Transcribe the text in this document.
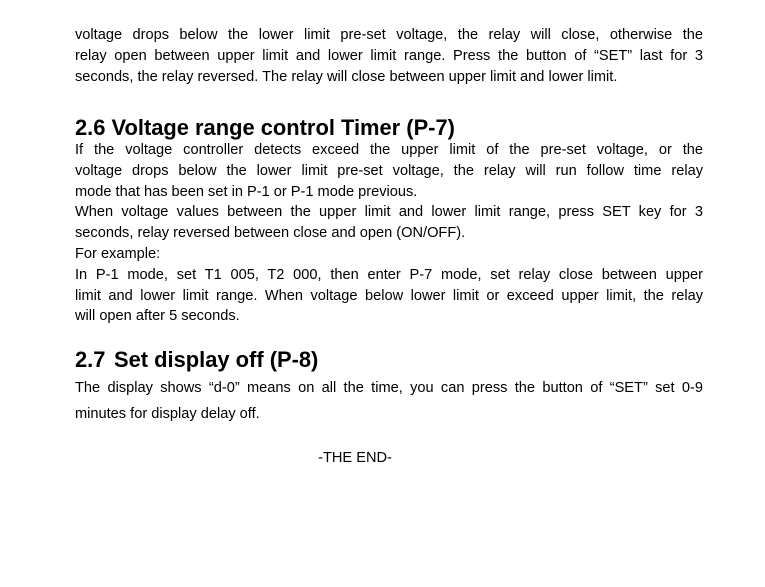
voltage drops below the lower limit pre-set voltage, the relay will close, otherwise the

relay open between upper limit and lower limit range. Press the button of “SET” last for 3

seconds, the relay reversed. The relay will close between upper limit and lower limit.

2.6 Voltage range control Timer (P-7)

If the voltage controller detects exceed the upper limit of the pre-set voltage, or the

voltage drops below the lower limit pre-set voltage, the relay will run follow time relay

mode that has been set in P-1 or P-1 mode previous.

When voltage values between the upper limit and lower limit range, press SET key for 3

seconds, relay reversed between close and open (ON/OFF).

For example:

In P-1 mode, set T1 005, T2 000, then enter P-7 mode, set relay close between upper

limit and lower limit range. When voltage below lower limit or exceed upper limit, the relay

will open after 5 seconds.

2.7 Set display off (P-8)

The display shows “d-0” means on all the time, you can press the button of “SET” set 0-9

minutes for display delay off.

-THE END-
